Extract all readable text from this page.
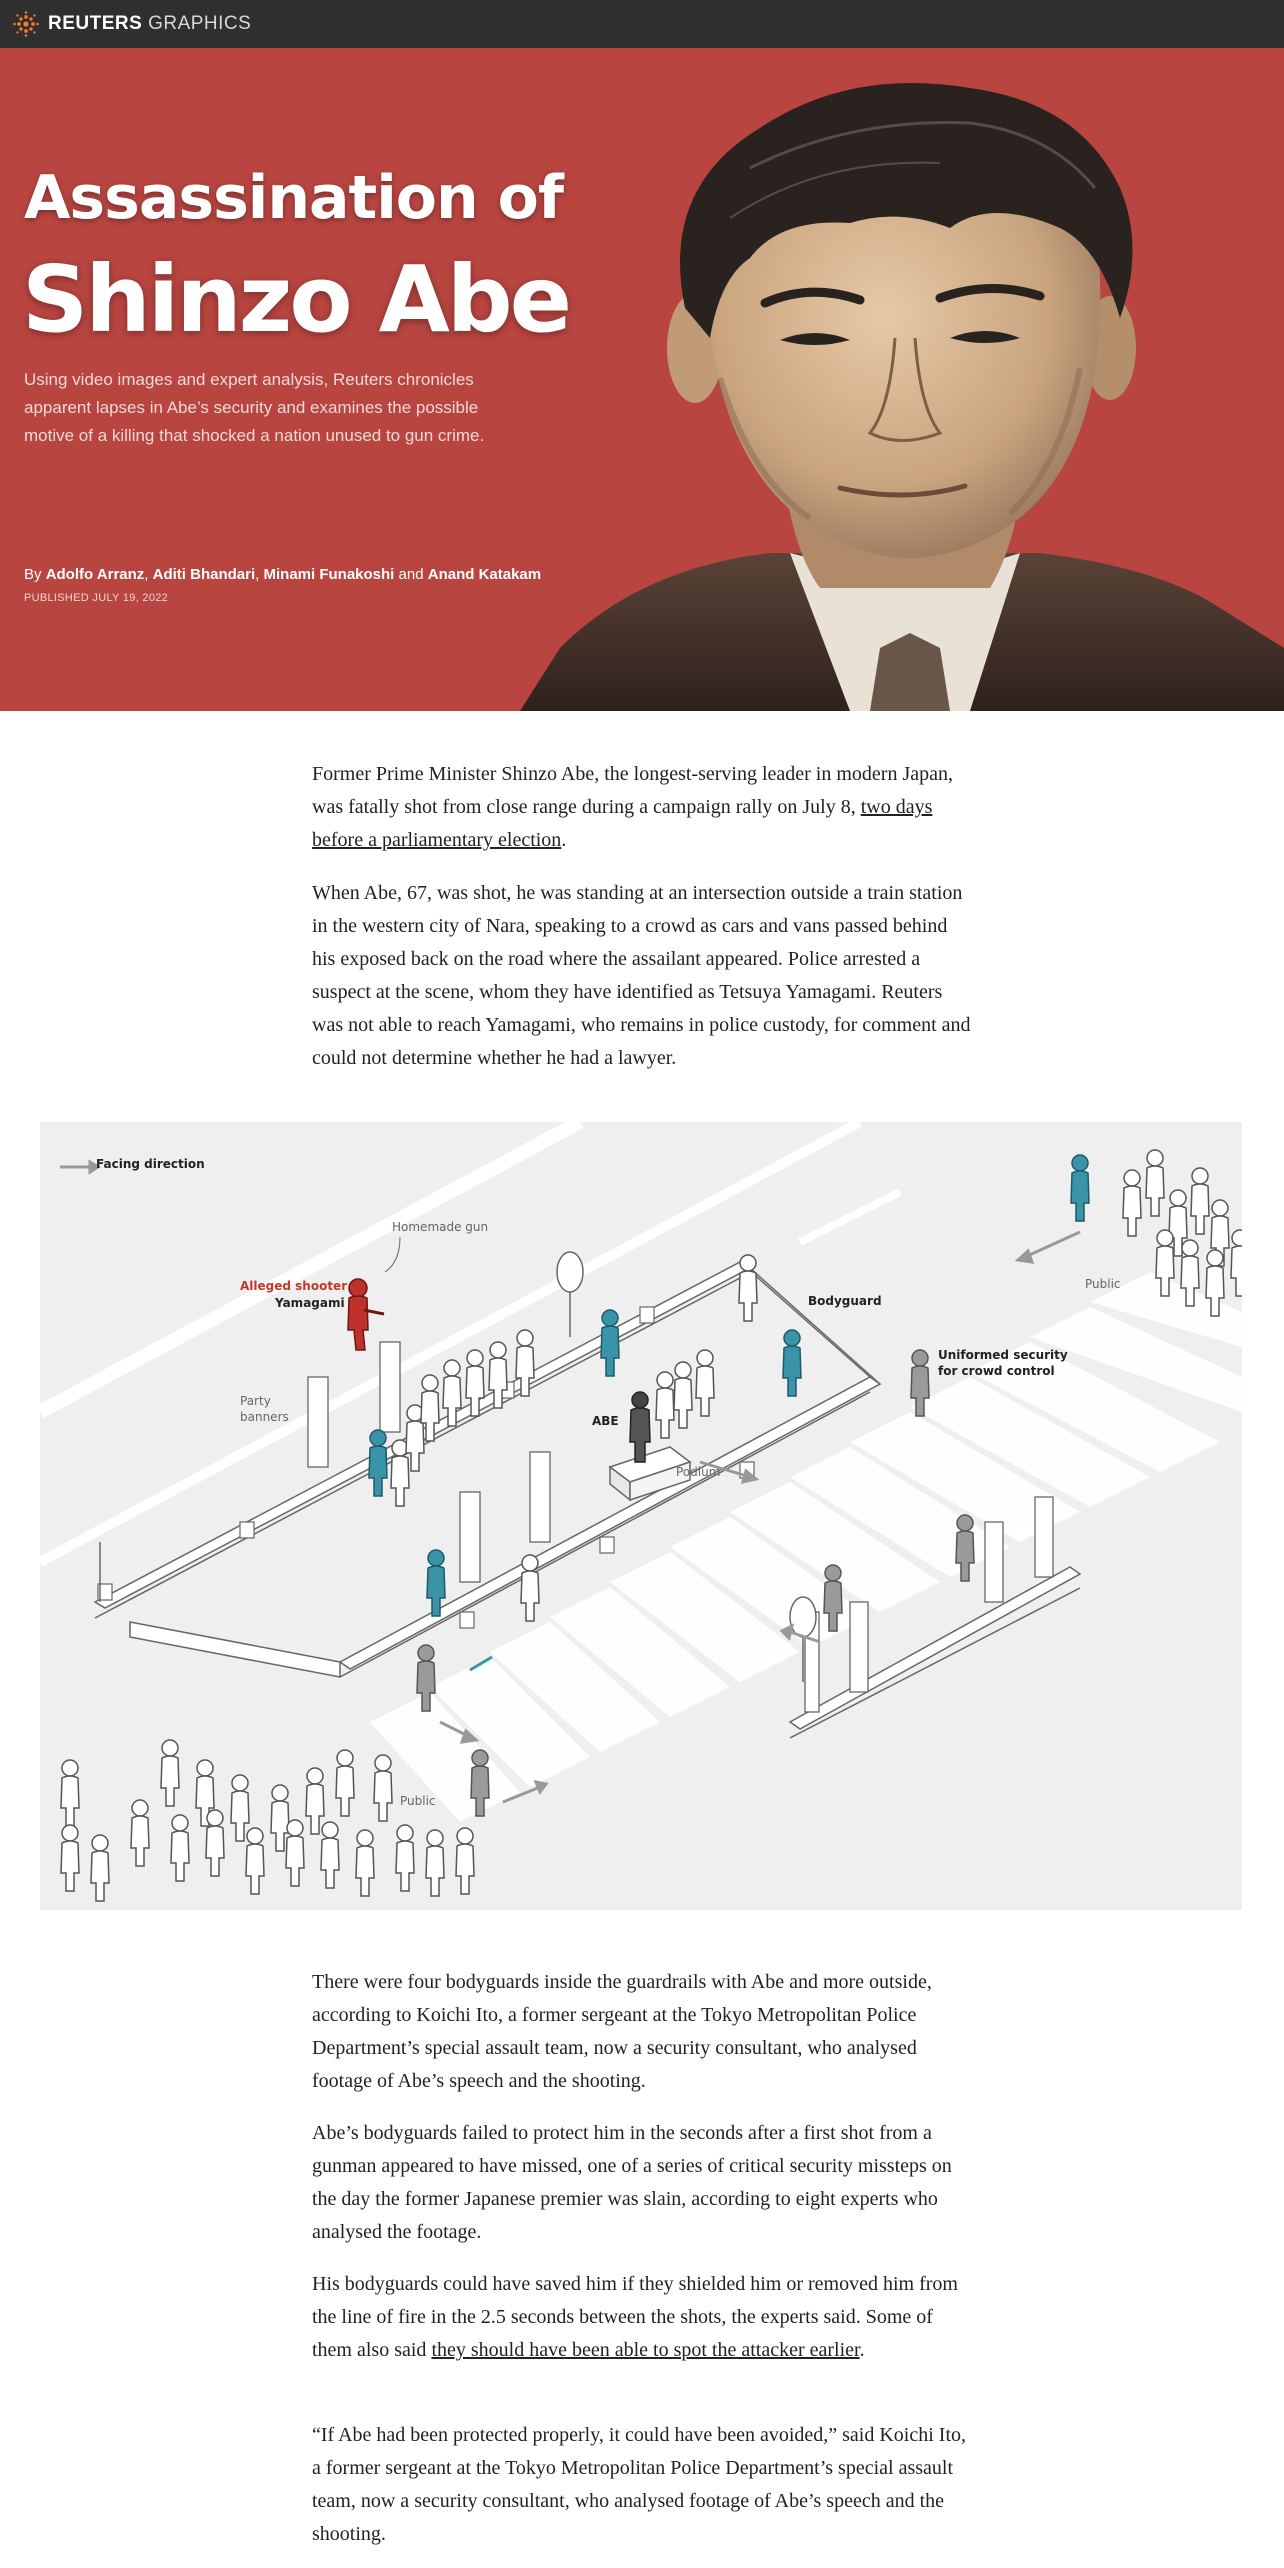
REUTERS GRAPHICS
Assassination of
Shinzo Abe
Using video images and expert analysis, Reuters chronicles apparent lapses in Abe’s security and examines the possible motive of a killing that shocked a nation unused to gun crime.
By Adolfo Arranz, Aditi Bhandari, Minami Funakoshi and Anand Katakam
PUBLISHED JULY 19, 2022

Former Prime Minister Shinzo Abe, the longest-serving leader in modern Japan, was fatally shot from close range during a campaign rally on July 8, two days before a parliamentary election.

When Abe, 67, was shot, he was standing at an intersection outside a train station in the western city of Nara, speaking to a crowd as cars and vans passed behind his exposed back on the road where the assailant appeared. Police arrested a suspect at the scene, whom they have identified as Tetsuya Yamagami. Reuters was not able to reach Yamagami, who remains in police custody, for comment and could not determine whether he had a lawyer.

Facing direction
Homemade gun
Alleged shooter
Yamagami
Party
banners	ABE
Podium
Bodyguard
Uniformed security
for crowd control
Public
Public

There were four bodyguards inside the guardrails with Abe and more outside, according to Koichi Ito, a former sergeant at the Tokyo Metropolitan Police Department’s special assault team, now a security consultant, who analysed footage of Abe’s speech and the shooting.

Abe’s bodyguards failed to protect him in the seconds after a first shot from a gunman appeared to have missed, one of a series of critical security missteps on the day the former Japanese premier was slain, according to eight experts who analysed the footage.

His bodyguards could have saved him if they shielded him or removed him from the line of fire in the 2.5 seconds between the shots, the experts said. Some of them also said they should have been able to spot the attacker earlier.

“If Abe had been protected properly, it could have been avoided,” said Koichi Ito, a former sergeant at the Tokyo Metropolitan Police Department’s special assault team, now a security consultant, who analysed footage of Abe’s speech and the shooting.
